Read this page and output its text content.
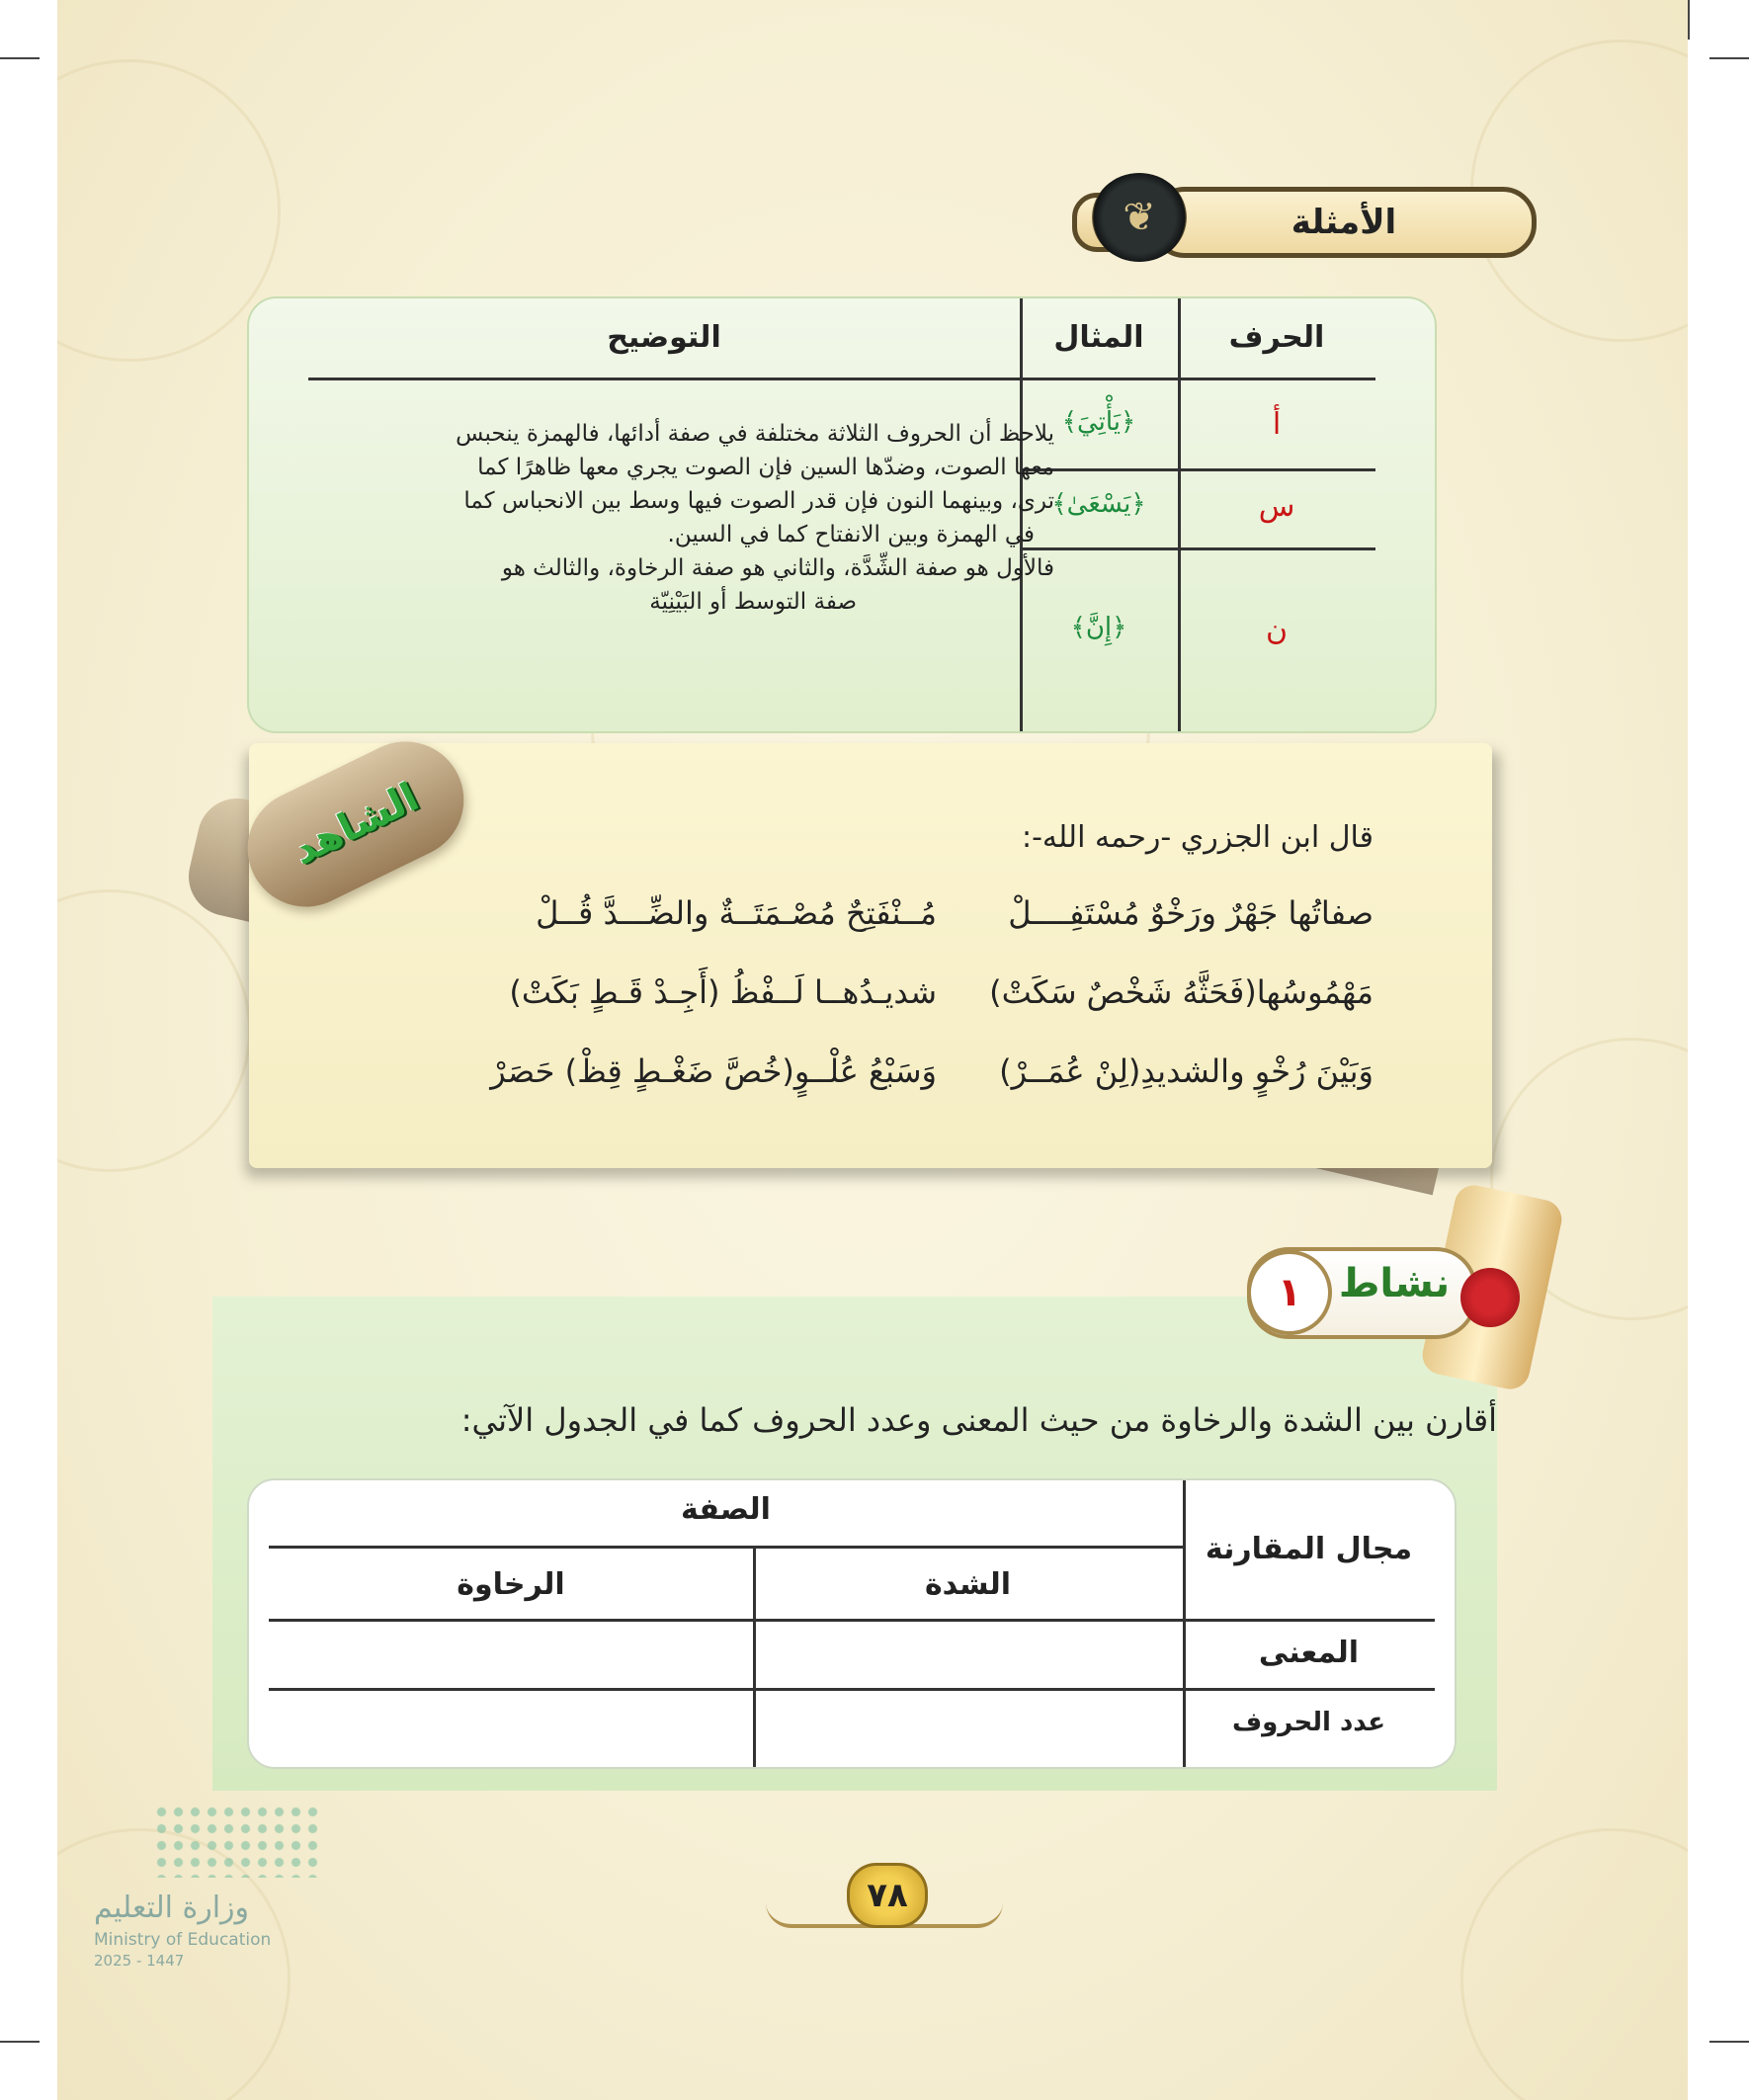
الأمثلة
❦
الحرف
المثال
التوضيح
أ
س
ن
﴿يَأْتِيَ﴾
﴿يَسْعَىٰ﴾
﴿إِنَّ﴾
يلاحظ أن الحروف الثلاثة مختلفة في صفة أدائها، فالهمزة ينحبس
معها الصوت، وضدّها السين فإن الصوت يجري معها ظاهرًا كما
ترى، وبينهما النون فإن قدر الصوت فيها وسط بين الانحباس كما
في الهمزة وبين الانفتاح كما في السين.
فالأول هو صفة الشِّدَّة، والثاني هو صفة الرخاوة، والثالث هو
صفة التوسط أو البَيْنِيّة
الشاهد	قال ابن الجزري -رحمه الله-:
صفاتُها جَهْرٌ ورَخْوٌ مُسْتَفِــــلْ
مُــنْفَتِحٌ مُصْـمَتَــةٌ والضِّـــدَّ قُــلْ
مَهْمُوسُها(فَحَثَّهُ شَخْصٌ سَكَتْ)
شديـدُهــا لَــفْظُ (أَجِـدْ قَـطٍ بَكَتْ)
وَبَيْنَ رُخْوٍ والشديدِ(لِنْ عُمَــرْ)
وَسَبْعُ عُلْــوٍ(خُصَّ ضَغْـطٍ قِظْ) حَصَرْ
نشاط
١
أقارن بين الشدة والرخاوة من حيث المعنى وعدد الحروف كما في الجدول الآتي:
مجال المقارنة
الصفة
الشدة
الرخاوة
المعنى
عدد الحروف
٧٨
وزارة التعليم
Ministry of Education
2025 - 1447
